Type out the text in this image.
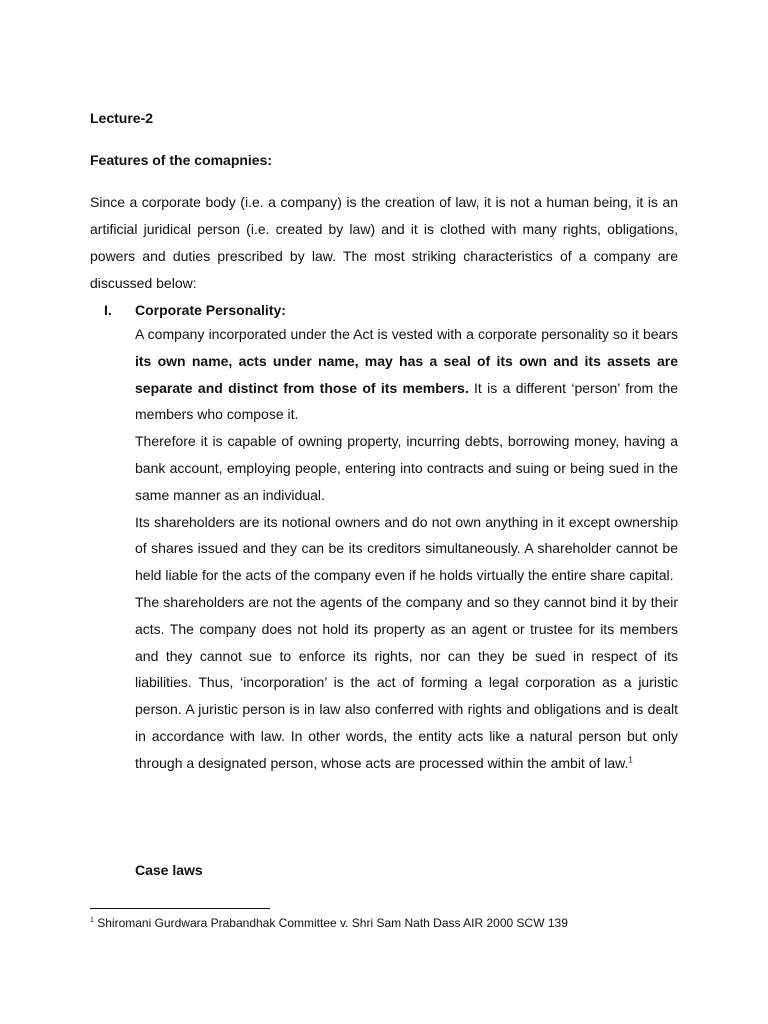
Lecture-2
Features of the comapnies:

Since a corporate body (i.e. a company) is the creation of law, it is not a human being, it is an artificial juridical person (i.e. created by law) and it is clothed with many rights, obligations, powers and duties prescribed by law. The most striking characteristics of a company are discussed below:

I. Corporate Personality:

A company incorporated under the Act is vested with a corporate personality so it bears its own name, acts under name, may has a seal of its own and its assets are separate and distinct from those of its members. It is a different ‘person’ from the members who compose it.

Therefore it is capable of owning property, incurring debts, borrowing money, having a bank account, employing people, entering into contracts and suing or being sued in the same manner as an individual.

Its shareholders are its notional owners and do not own anything in it except ownership of shares issued and they can be its creditors simultaneously. A shareholder cannot be held liable for the acts of the company even if he holds virtually the entire share capital.

The shareholders are not the agents of the company and so they cannot bind it by their acts. The company does not hold its property as an agent or trustee for its members and they cannot sue to enforce its rights, nor can they be sued in respect of its liabilities. Thus, ‘incorporation’ is the act of forming a legal corporation as a juristic person. A juristic person is in law also conferred with rights and obligations and is dealt in accordance with law. In other words, the entity acts like a natural person but only through a designated person, whose acts are processed within the ambit of law.$^1$

Case laws
$^1$ Shiromani Gurdwara Prabandhak Committee v. Shri Sam Nath Dass AIR 2000 SCW 139
